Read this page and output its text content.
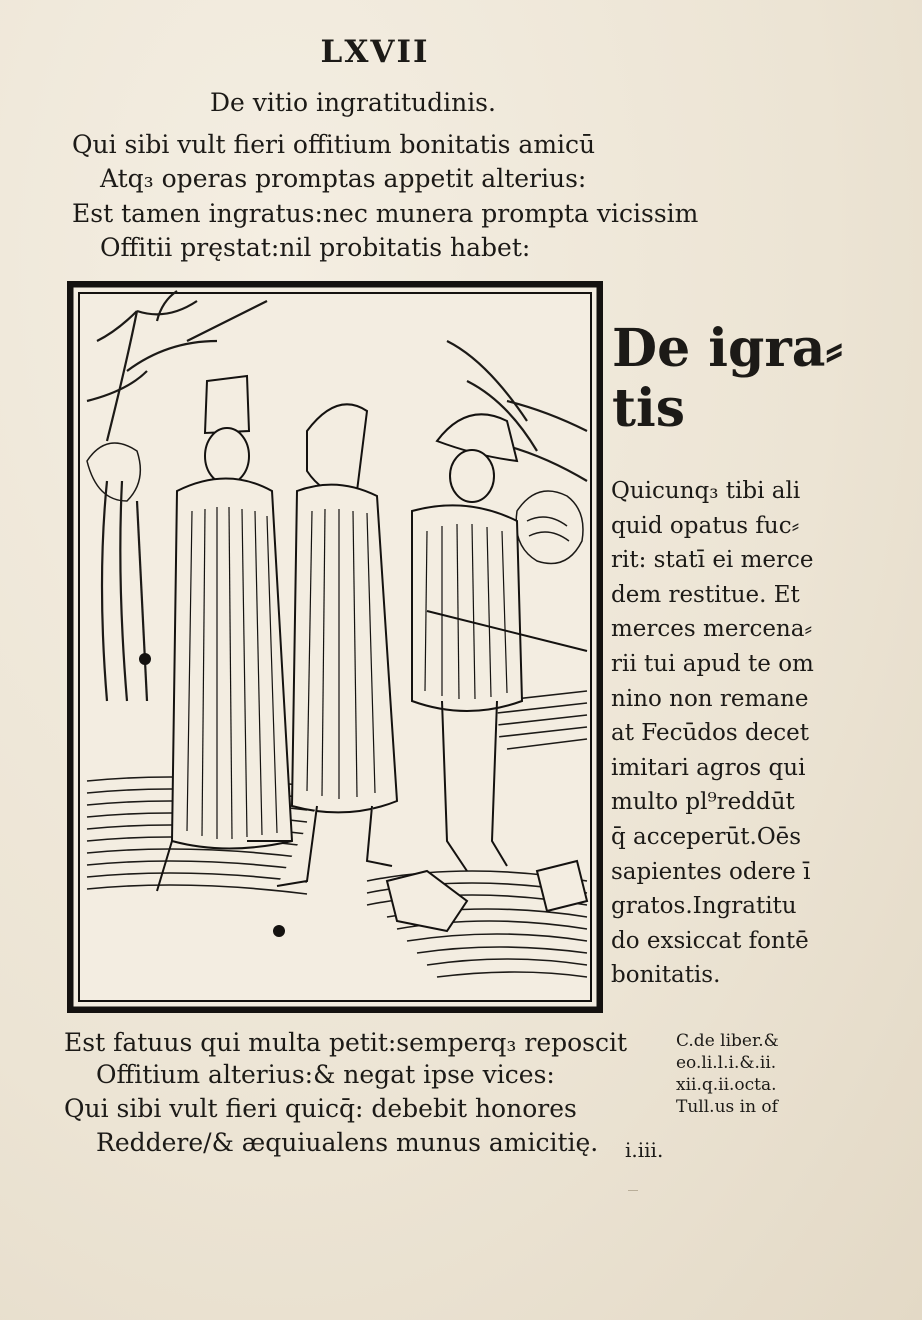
LXVII
De vitio ingratitudinis.
Qui sibi vult fieri offitium bonitatis amicū
Atq₃ operas promptas appetit alterius:
Est tamen ingratus:nec munera prompta vicissim
Offitii pręstat:nil probitatis habet:
De igra⸗
tis
Quicunq₃ tibi ali
quid opatus fuc⸗
rit: statī ei merce
dem restitue. Et
merces mercena⸗
rii tui apud te om
nino non remane
at Fecūdos decet
imitari agros qui
multo pl⁹reddūt
q̄ acceperūt.Oēs
sapientes odere ī
gratos.Ingratitu
do exsiccat fontē
bonitatis.
Est fatuus qui multa petit:semperq₃ reposcit
Offitium alterius:& negat ipse vices:
Qui sibi vult fieri quicq̄: debebit honores
Reddere/& æquiualens munus amicitię.
C.de liber.&
eo.li.l.i.&.ii.
xii.q.ii.octa.
Tull.us in of
i.iii.
